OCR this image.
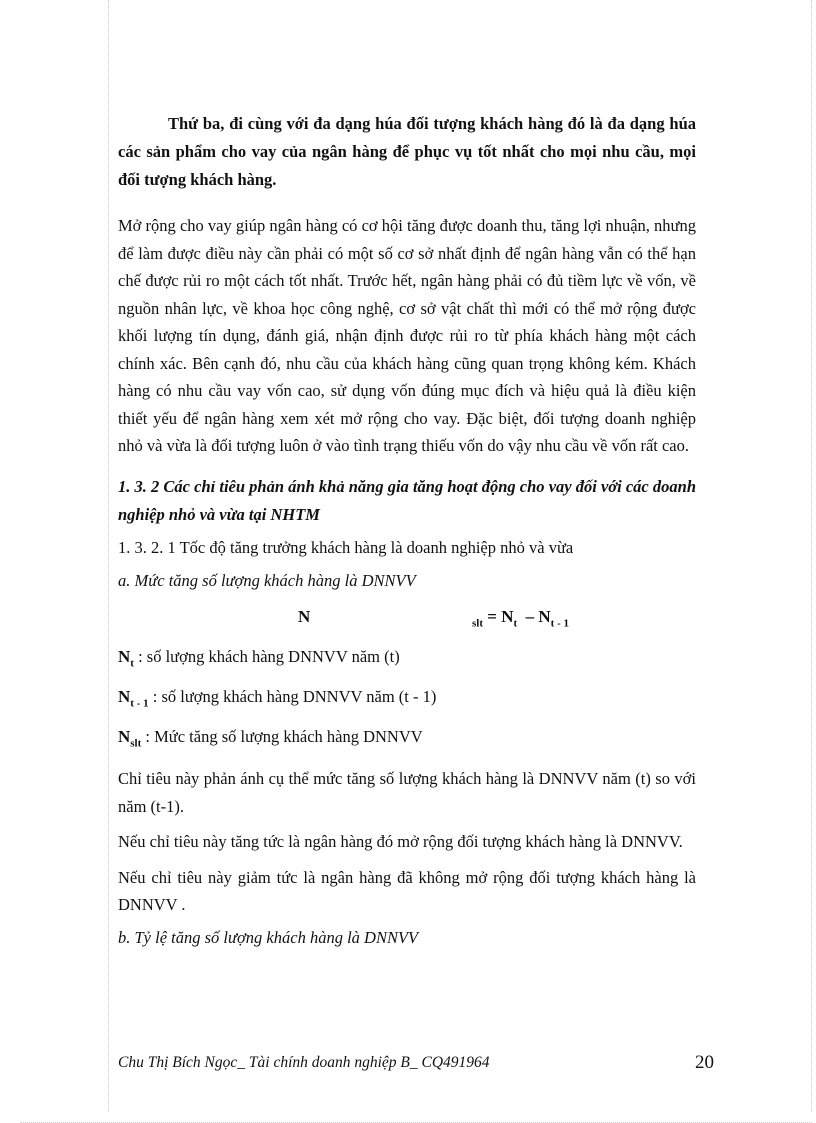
Thứ ba, đi cùng với đa dạng húa đối tượng khách hàng đó là đa dạng húa các sản phẩm cho vay của ngân hàng để phục vụ tốt nhất cho mọi nhu cầu, mọi đối tượng khách hàng.

Mở rộng cho vay giúp ngân hàng có cơ hội tăng được doanh thu, tăng lợi nhuận, nhưng để làm được điều này cần phải có một số cơ sở nhất định để ngân hàng vẫn có thể hạn chế được rủi ro một cách tốt nhất. Trước hết, ngân hàng phải có đủ tiềm lực về vốn, về nguồn nhân lực, về khoa học công nghệ, cơ sở vật chất thì mới có thể mở rộng được khối lượng tín dụng, đánh giá, nhận định được rủi ro từ phía khách hàng một cách chính xác. Bên cạnh đó, nhu cầu của khách hàng cũng quan trọng không kém. Khách hàng có nhu cầu vay vốn cao, sử dụng vốn đúng mục đích và hiệu quả là điều kiện thiết yếu để ngân hàng xem xét mở rộng cho vay. Đặc biệt, đối tượng doanh nghiệp nhỏ và vừa là đối tượng luôn ở vào tình trạng thiếu vốn do vậy nhu cầu về vốn rất cao.

1. 3. 2 Các chỉ tiêu phản ánh khả năng gia tăng hoạt động cho vay đối với các doanh nghiệp nhỏ và vừa tại NHTM

1. 3. 2. 1 Tốc độ tăng trưởng khách hàng là doanh nghiệp nhỏ và vừa

a. Mức tăng số lượng khách hàng là DNNVV

N	$_{slt} = N_t - N_{t - 1}$
$N_t$ : số lượng khách hàng DNNVV năm (t)
$N_{t - 1}$ : số lượng khách hàng DNNVV năm (t - 1)
$N_{slt}$ : Mức tăng số lượng khách hàng DNNVV

Chỉ tiêu này phản ánh cụ thể mức tăng số lượng khách hàng là DNNVV năm (t) so với năm (t-1).

Nếu chỉ tiêu này tăng tức là ngân hàng đó mở rộng đối tượng khách hàng là DNNVV.

Nếu chỉ tiêu này giảm tức là ngân hàng đã không mở rộng đối tượng khách hàng là DNNVV .

b. Tỷ lệ tăng số lượng khách hàng là DNNVV

Chu Thị Bích Ngọc_ Tài chính doanh nghiệp B_ CQ491964	20
